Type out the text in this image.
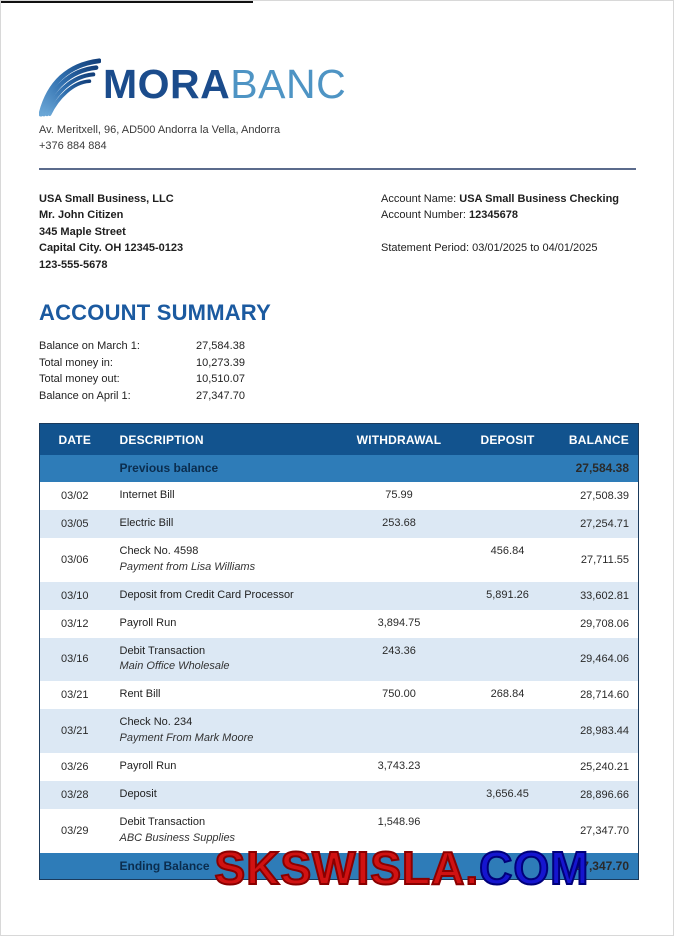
MORABANC
Av. Meritxell, 96, AD500 Andorra la Vella, Andorra
+376 884 884
USA Small Business, LLC
Mr. John Citizen
345 Maple Street
Capital City. OH 12345-0123
123-555-5678
Account Name: USA Small Business Checking
Account Number: 12345678
Statement Period: 03/01/2025 to 04/01/2025
ACCOUNT SUMMARY
Balance on March 1:	27,584.38
Total money in:	10,273.39
Total money out:	10,510.07
Balance on April 1:	27,347.70
DATE	DESCRIPTION	WITHDRAWAL	DEPOSIT	BALANCE
	Previous balance			27,584.38
03/02	Internet Bill	75.99		27,508.39
03/05	Electric Bill	253.68		27,254.71
03/06	Check No. 4598
Payment from Lisa Williams		456.84	27,711.55
03/10	Deposit from Credit Card Processor		5,891.26	33,602.81
03/12	Payroll Run	3,894.75		29,708.06
03/16	Debit Transaction
Main Office Wholesale	243.36		29,464.06
03/21	Rent Bill	750.00	268.84	28,714.60
03/21	Check No. 234
Payment From Mark Moore			28,983.44
03/26	Payroll Run	3,743.23		25,240.21
03/28	Deposit		3,656.45	28,896.66
03/29	Debit Transaction
ABC Business Supplies	1,548.96		27,347.70
	Ending Balance			27,347.70
SKSWISLA.COM
